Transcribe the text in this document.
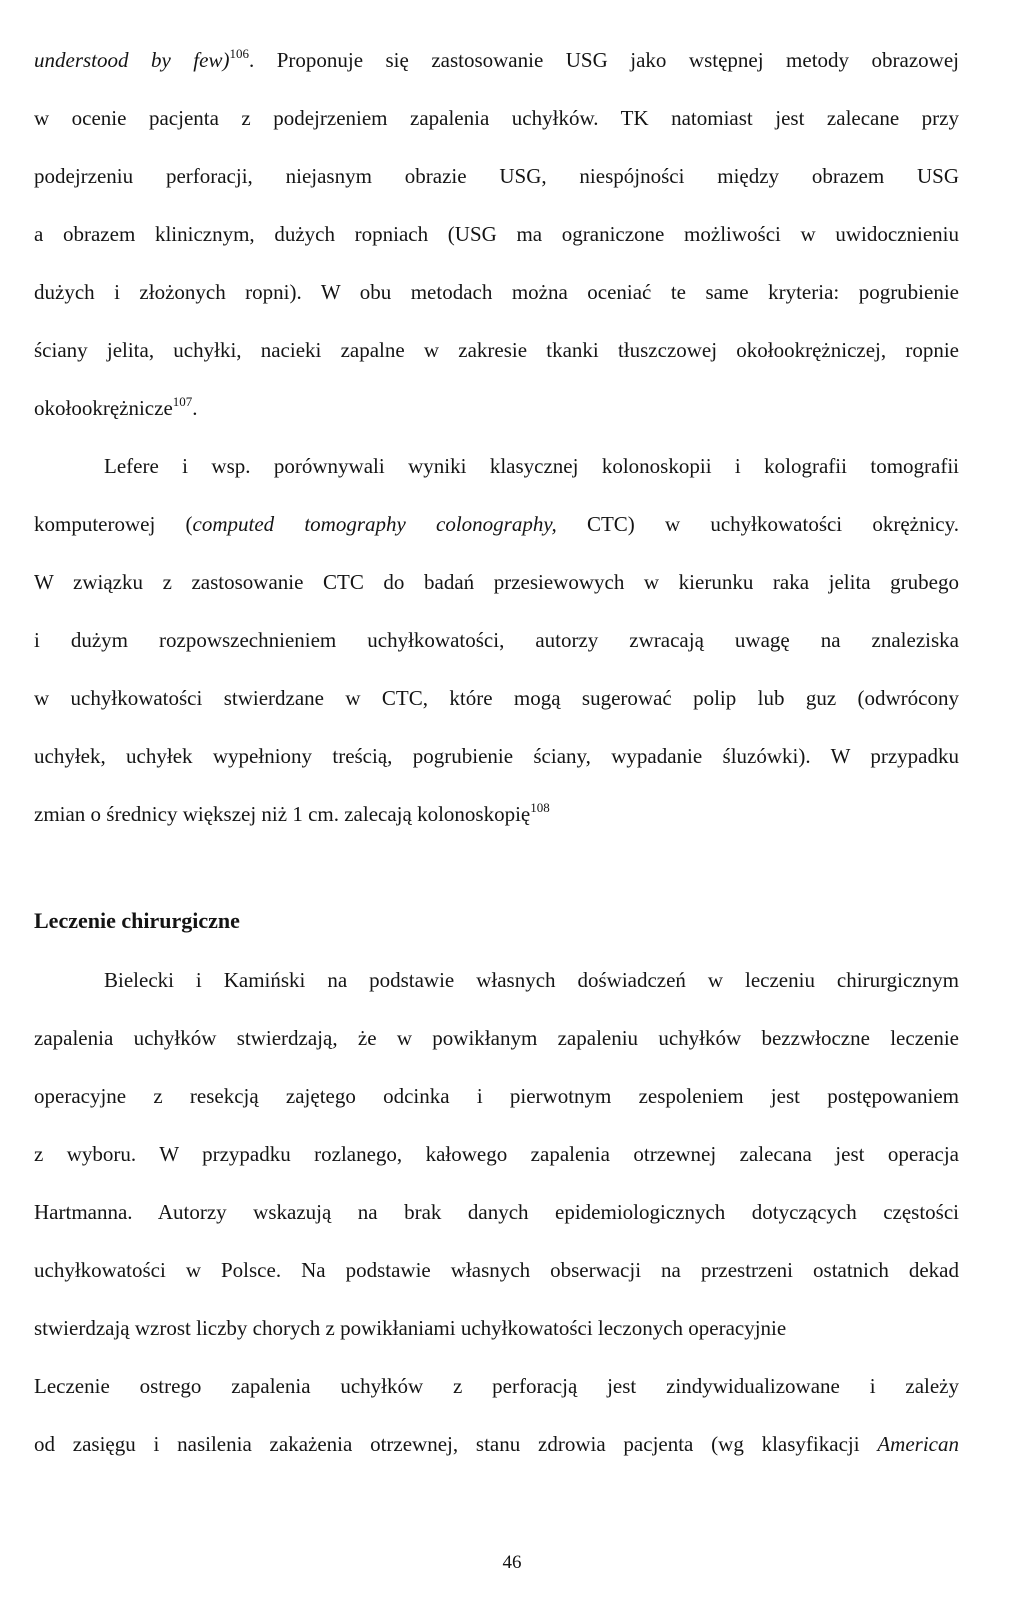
understood by few)$^{106}$. Proponuje się zastosowanie USG jako wstępnej metody obrazowej
w ocenie pacjenta z podejrzeniem zapalenia uchyłków. TK natomiast jest zalecane przy
podejrzeniu perforacji, niejasnym obrazie USG, niespójności między obrazem USG
a obrazem klinicznym, dużych ropniach (USG ma ograniczone możliwości w uwidocznieniu
dużych i złożonych ropni). W obu metodach można oceniać te same kryteria: pogrubienie
ściany jelita, uchyłki, nacieki zapalne w zakresie tkanki tłuszczowej okołookrężniczej, ropnie
okołookrężnicze$^{107}$.
Lefere i wsp. porównywali wyniki klasycznej kolonoskopii i kolografii tomografii
komputerowej (computed tomography colonography, CTC) w uchyłkowatości okrężnicy.
W związku z zastosowanie CTC do badań przesiewowych w kierunku raka jelita grubego
i dużym rozpowszechnieniem uchyłkowatości, autorzy zwracają uwagę na znaleziska
w uchyłkowatości stwierdzane w CTC, które mogą sugerować polip lub guz (odwrócony
uchyłek, uchyłek wypełniony treścią, pogrubienie ściany, wypadanie śluzówki). W przypadku
zmian o średnicy większej niż 1 cm. zalecają kolonoskopię$^{108}$
Leczenie chirurgiczne
Bielecki i Kamiński na podstawie własnych doświadczeń w leczeniu chirurgicznym
zapalenia uchyłków stwierdzają, że w powikłanym zapaleniu uchyłków bezzwłoczne leczenie
operacyjne z resekcją zajętego odcinka i pierwotnym zespoleniem jest postępowaniem
z wyboru. W przypadku rozlanego, kałowego zapalenia otrzewnej zalecana jest operacja
Hartmanna. Autorzy wskazują na brak danych epidemiologicznych dotyczących częstości
uchyłkowatości w Polsce. Na podstawie własnych obserwacji na przestrzeni ostatnich dekad
stwierdzają wzrost liczby chorych z powikłaniami uchyłkowatości leczonych operacyjnie
Leczenie ostrego zapalenia uchyłków z perforacją jest zindywidualizowane i zależy
od zasięgu i nasilenia zakażenia otrzewnej, stanu zdrowia pacjenta (wg klasyfikacji American
46
